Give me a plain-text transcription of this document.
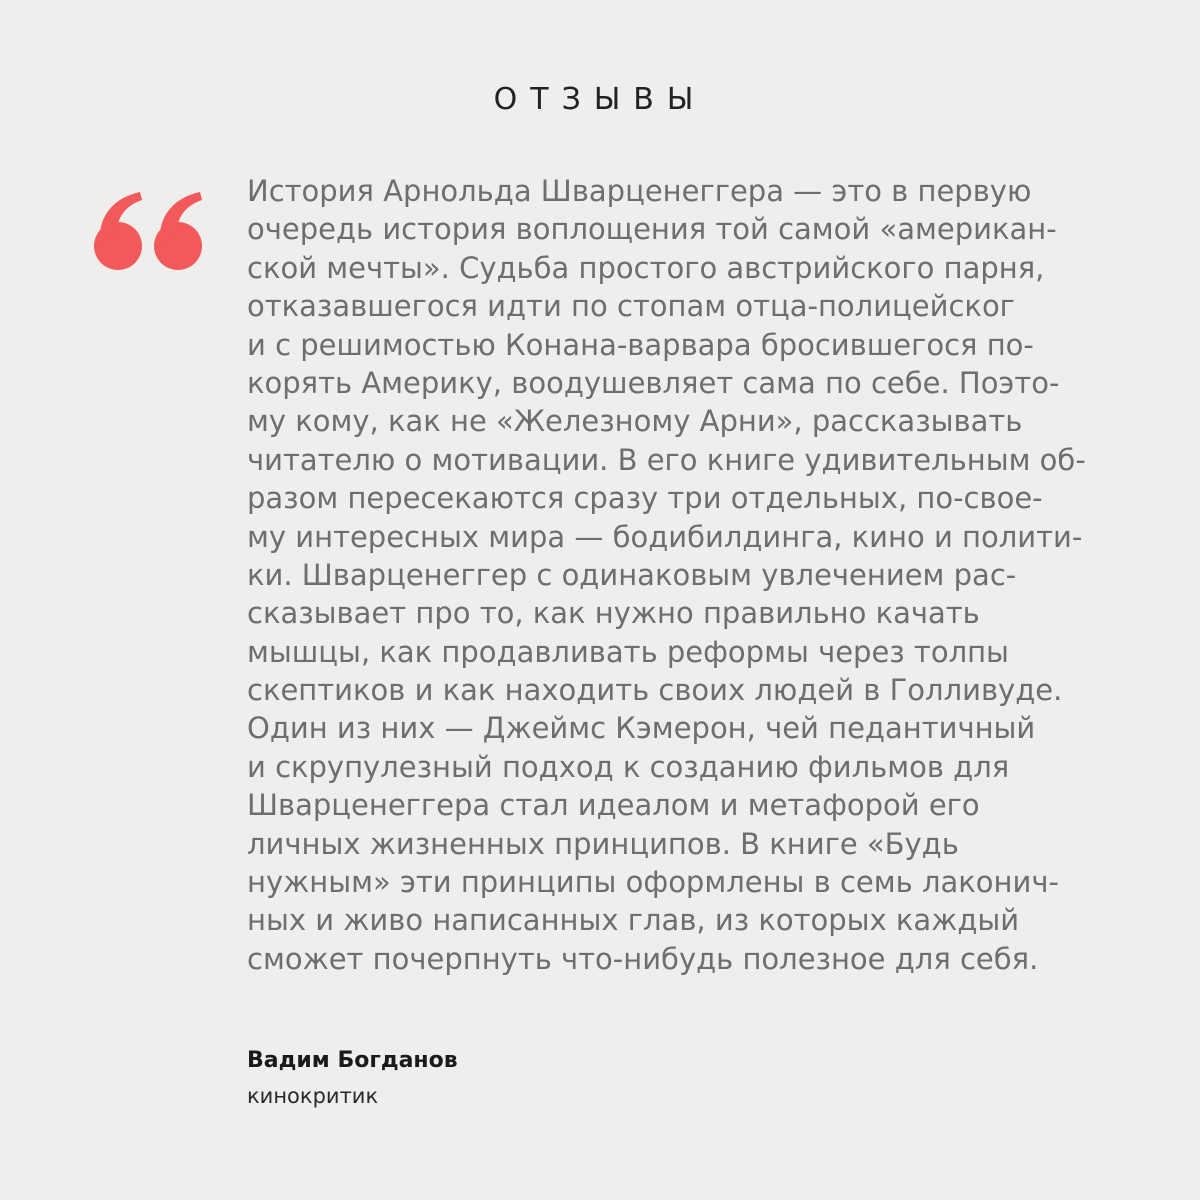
ОТЗЫВЫ
История Арнольда Шварценеггера — это в первую
очередь история воплощения той самой «американ-
ской мечты». Судьба простого австрийского парня,
отказавшегося идти по стопам отца-полицейског
и с решимостью Конана-варвара бросившегося по-
корять Америку, воодушевляет сама по себе. Поэто-
му кому, как не «Железному Арни», рассказывать
читателю о мотивации. В его книге удивительным об-
разом пересекаются сразу три отдельных, по-свое-
му интересных мира — бодибилдинга, кино и полити-
ки. Шварценеггер с одинаковым увлечением рас-
сказывает про то, как нужно правильно качать
мышцы, как продавливать реформы через толпы
скептиков и как находить своих людей в Голливуде.
Один из них — Джеймс Кэмерон, чей педантичный
и скрупулезный подход к созданию фильмов для
Шварценеггера стал идеалом и метафорой его
личных жизненных принципов. В книге «Будь
нужным» эти принципы оформлены в семь лаконич-
ных и живо написанных глав, из которых каждый
сможет почерпнуть что-нибудь полезное для себя.
Вадим Богданов
кинокритик
